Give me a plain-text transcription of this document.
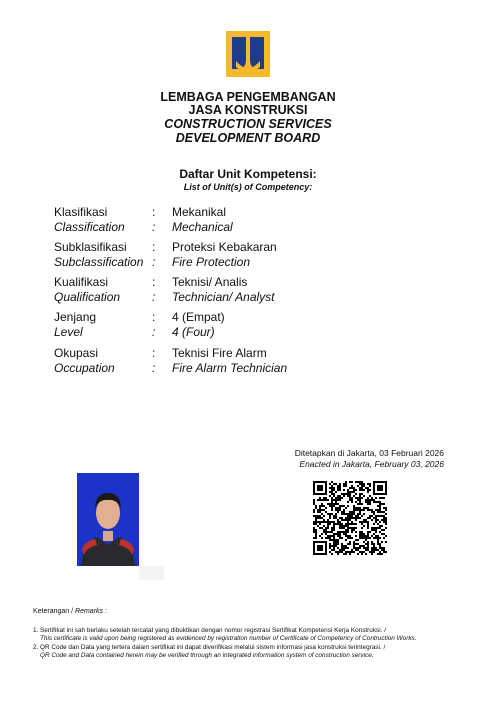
LEMBAGA PENGEMBANGAN
JASA KONSTRUKSI
CONSTRUCTION SERVICES
DEVELOPMENT BOARD
Daftar Unit Kompetensi:
List of Unit(s) of Competency:
Klasifikasi	:	Mekanikal
Classification	:	Mechanical
Subklasifikasi	:	Proteksi Kebakaran
Subclassification :	Fire Protection
Kualifikasi	:	Teknisi/ Analis
Qualification	:	Technician/ Analyst
Jenjang	:	4 (Empat)
Level	:	4 (Four)
Okupasi	:	Teknisi Fire Alarm
Occupation	:	Fire Alarm Technician
Ditetapkan di Jakarta, 03 Februari 2026
Enacted in Jakarta, February 03, 2026
Keterangan / Remarks :
1. Sertifikat ini sah berlaku setelah tercatat yang dibuktikan dengan nomor registrasi Sertifikat Kompetensi Kerja Konstruksi. /
This certificate is valid upon being registered as evidenced by registration number of Certificate of Competency of Contruction Works.
2. QR Code dan Data yang tertera dalam sertifikat ini dapat diverifikasi melalui sistem informasi jasa konstruksi terintegrasi. /
QR Code and Data contained herein may be verified through an integrated information system of construction service.
